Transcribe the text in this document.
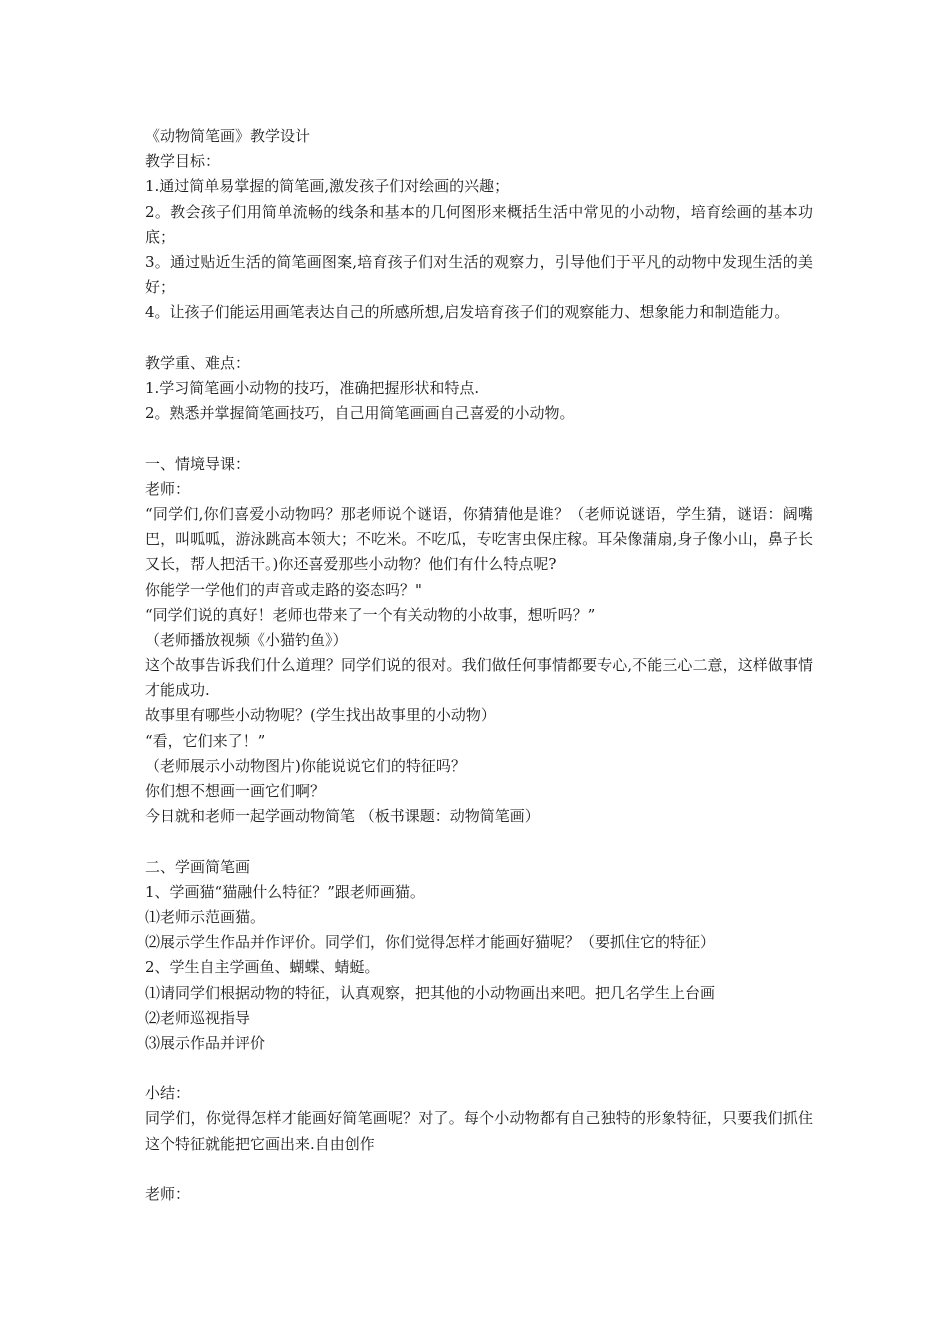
《动物简笔画》教学设计
教学目标：
1.通过简单易掌握的简笔画,激发孩子们对绘画的兴趣；
2。教会孩子们用简单流畅的线条和基本的几何图形来概括生活中常见的小动物，培育绘画的基本功底；
3。通过贴近生活的简笔画图案,培育孩子们对生活的观察力，引导他们于平凡的动物中发现生活的美好；
4。让孩子们能运用画笔表达自己的所感所想,启发培育孩子们的观察能力、想象能力和制造能力。
教学重、难点：
1.学习简笔画小动物的技巧，准确把握形状和特点.
2。熟悉并掌握简笔画技巧，自己用简笔画画自己喜爱的小动物。
一、情境导课：
老师：
“同学们,你们喜爱小动物吗？那老师说个谜语，你猜猜他是谁？（老师说谜语，学生猜，谜语：阔嘴巴，叫呱呱，游泳跳高本领大；不吃米。不吃瓜，专吃害虫保庄稼。耳朵像蒲扇,身子像小山，鼻子长又长，帮人把活干。)你还喜爱那些小动物？他们有什么特点呢?
你能学一学他们的声音或走路的姿态吗？"
“同学们说的真好！老师也带来了一个有关动物的小故事，想听吗？”
（老师播放视频《小猫钓鱼》）
这个故事告诉我们什么道理？同学们说的很对。我们做任何事情都要专心,不能三心二意，这样做事情才能成功.
故事里有哪些小动物呢？(学生找出故事里的小动物）
“看，它们来了！”
（老师展示小动物图片)你能说说它们的特征吗？
你们想不想画一画它们啊？
今日就和老师一起学画动物简笔 （板书课题：动物简笔画）
二、学画简笔画
1、学画猫“猫融什么特征？”跟老师画猫。
⑴老师示范画猫。
⑵展示学生作品并作评价。同学们，你们觉得怎样才能画好猫呢？（要抓住它的特征）
2、学生自主学画鱼、蝴蝶、蜻蜓。
⑴请同学们根据动物的特征，认真观察，把其他的小动物画出来吧。把几名学生上台画
⑵老师巡视指导
⑶展示作品并评价
小结：
同学们，你觉得怎样才能画好简笔画呢？对了。每个小动物都有自己独特的形象特征，只要我们抓住这个特征就能把它画出来.自由创作
老师：
